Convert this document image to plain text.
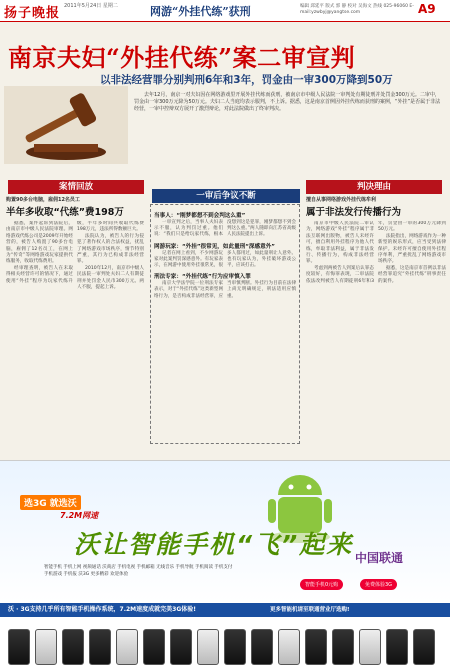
扬子晚报 2011年5月24日 星期二	网游“外挂代练”获刑	编辑 邱延平 版式 郭 静 校对 吴海文 热线 025-96060 E-mail:yzwbyj@yangtse.com	A9
南京夫妇“外挂代练”案二审宣判
以非法经营罪分别判刑6年和3年，罚金由一审300万降到50万
去年12月，南京一对夫妇因在网络游戏里开展外挂代练而获刑，被南京市中级人民法院一审判处有期徒刑并处罚金300万元。二审中，罚金由一审300万元降为50万元。夫妇二人当庭均表示服判，不上诉。据悉，这是南京首例因外挂代练而获刑的案例，“外挂”是否属于非法经营，一审中控辩双方展开了激烈辩论，对此法院做出了终审判决。
案情回放
一审后争议不断
判决理由
购置90多台电脑，雇佣12名员工
半年多收取“代练”费198万

据悉，案件起诉到法院后，由南京市中级人民法院审理。网络游戏代练公司是2009年开始经营的，被告人购置了90多台电脑，雇佣了12名员工，在网上为“传奇”等网络游戏玩家提供代练服务，收取代练费用。

经审理查明，被告人在未取得相关经营许可的情况下，通过使用“外挂”程序为玩家代练升级，半年多时间共收取代练费198万元，违法所得数额巨大。

法院认为，被告人的行为侵犯了著作权人的合法权益，扰乱了网络游戏市场秩序，情节特别严重，其行为已构成非法经营罪。

2010年12月，南京市中级人民法院一审判处夫妇二人有期徒刑并处罚金人民币300万元。两人不服，提起上诉。

当事人：“刚梦都想不到会判这么重”

一审宣判之后，当事人夫妇表示不服，认为判罚过重。他们说：“我们只是给玩家代练，根本没想到这是犯罪，刚梦都想不到会判这么重。”两人随即向江苏省高级人民法院提出上诉。

网游玩家：“外挂”很常见，如此量刑“深感意外”

记者在网上看到，不少网游玩家对此案判罚深感意外。有玩家表示，在网游中使用外挂很常见，很多人都用过，如此量刑让人意外。也有玩家认为，外挂破坏游戏公平，应该打击。

刑法专家：“外挂代练”行为应审慎入罪

南京大学法学院一位刑法专家表示，对于“外挂代练”这类新型网络行为，是否构成非法经营罪，应当审慎判断。外挂行为目前在法律上尚无明确规定，刑法适用应慎重。

擅自从事网络游戏外挂代练牟利
属于非法发行传播行为

南京市中级人民法院二审认为，网络游戏“外挂”程序属于非法互联网出版物，被告人未经许可，擅自利用外挂程序为他人代练，牟取非法利益，属于非法发行、传播行为，构成非法经营罪。

考虑到两被告人到案后认罪态度较好，有悔罪表现，二审法院依法改判被告人有期徒刑6年和3年，罚金由一审的300万元降到50万元。

法院指出，网络游戏作为一种新型的娱乐形式，应当受到法律保护。未经许可擅自使用外挂程序牟利，严重扰乱了网络游戏市场秩序。

据悉，这是南京市首例以非法经营罪追究“外挂代练”刑事责任的案件。

选3G 就选沃
7.2M网速
沃让智能手机“飞”起来
智能手机 手机上网 视频通话 沃商店 手机电视 手机邮箱 无线音乐 手机导航 手机阅读 手机支付 手机游戏 手机报 沃3G 更多精彩 欢迎体验
中国联通
智能手机0元购	免费体验3G
沃 · 3G支持几乎所有智能手机操作系统，7.2M速度成就完美3G体验!	更多智能机请至联通营业厅选购!
